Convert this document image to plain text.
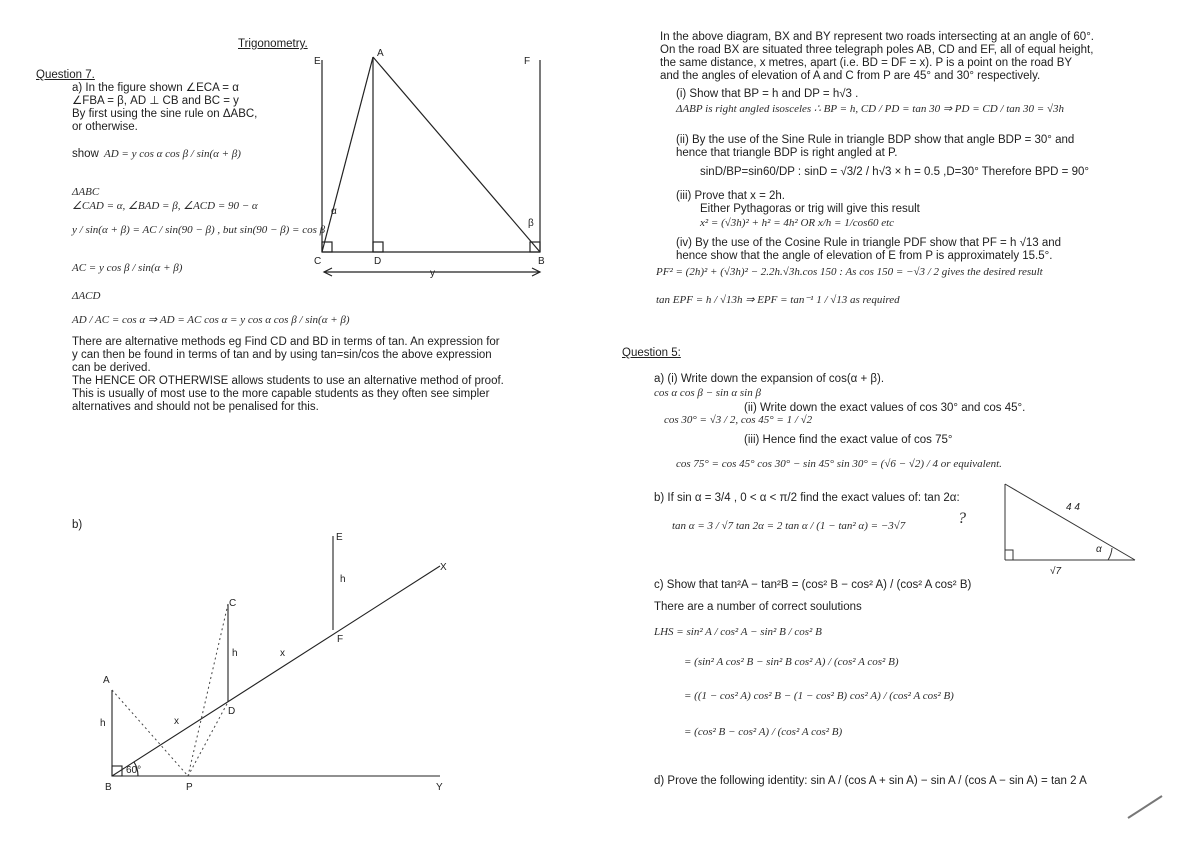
E
A
F
α
β
C	D	B
y
E
X
C
h
h	x
F
A
D
h	x
60°
B	P	Y
4 4
α
√7
Trigonometry.
Question 7.
a) In the figure shown ∠ECA = α
∠FBA = β, AD ⊥ CB and BC = y
By first using the sine rule on ΔABC,
or otherwise.
show AD = y cos α cos β / sin(α + β)
ΔABC
∠CAD = α, ∠BAD = β, ∠ACD = 90 − α
y / sin(α + β) = AC / sin(90 − β) , but sin(90 − β) = cos β
AC = y cos β / sin(α + β)
ΔACD
AD / AC = cos α ⇒ AD = AC cos α = y cos α cos β / sin(α + β)
There are alternative methods eg Find CD and BD in terms of tan. An expression for
y can then be found in terms of tan and by using tan=sin/cos the above expression
can be derived.
The HENCE OR OTHERWISE allows students to use an alternative method of proof.
This is usually of most use to the more capable students as they often see simpler
alternatives and should not be penalised for this.
b)
In the above diagram, BX and BY represent two roads intersecting at an angle of 60°.
On the road BX are situated three telegraph poles AB, CD and EF, all of equal height,
the same distance, x metres, apart (i.e. BD = DF = x). P is a point on the road BY
and the angles of elevation of A and C from P are 45° and 30° respectively.
(i) Show that BP = h and DP = h√3 .
ΔABP is right angled isosceles ∴ BP = h, CD / PD = tan 30 ⇒ PD = CD / tan 30 = √3h
(ii) By the use of the Sine Rule in triangle BDP show that angle BDP = 30° and
hence that triangle BDP is right angled at P.
sinD/BP=sin60/DP : sinD = √3/2 / h√3 × h = 0.5 ,D=30° Therefore BPD = 90°
(iii) Prove that x = 2h.
Either Pythagoras or trig will give this result
x² = (√3h)² + h² = 4h² OR x/h = 1/cos60 etc
(iv) By the use of the Cosine Rule in triangle PDF show that PF = h √13 and
hence show that the angle of elevation of E from P is approximately 15.5°.
PF² = (2h)² + (√3h)² − 2.2h.√3h.cos 150 : As cos 150 = −√3 / 2 gives the desired result
tan EPF = h / √13h ⇒ EPF = tan⁻¹ 1 / √13 as required
Question 5:
a) (i) Write down the expansion of cos(α + β).
cos α cos β − sin α sin β
(ii) Write down the exact values of cos 30° and cos 45°.
cos 30° = √3 / 2, cos 45° = 1 / √2
(iii) Hence find the exact value of cos 75°
cos 75° = cos 45° cos 30° − sin 45° sin 30° = (√6 − √2) / 4 or equivalent.
b) If sin α = 3/4 , 0 < α < π/2 find the exact values of: tan 2α:
tan α = 3 / √7 tan 2α = 2 tan α / (1 − tan² α) = −3√7	?
c) Show that tan²A − tan²B = (cos² B − cos² A) / (cos² A cos² B)
There are a number of correct soulutions
LHS = sin² A / cos² A − sin² B / cos² B
= (sin² A cos² B − sin² B cos² A) / (cos² A cos² B)
= ((1 − cos² A) cos² B − (1 − cos² B) cos² A) / (cos² A cos² B)
= (cos² B − cos² A) / (cos² A cos² B)
d) Prove the following identity: sin A / (cos A + sin A) − sin A / (cos A − sin A) = tan 2 A
